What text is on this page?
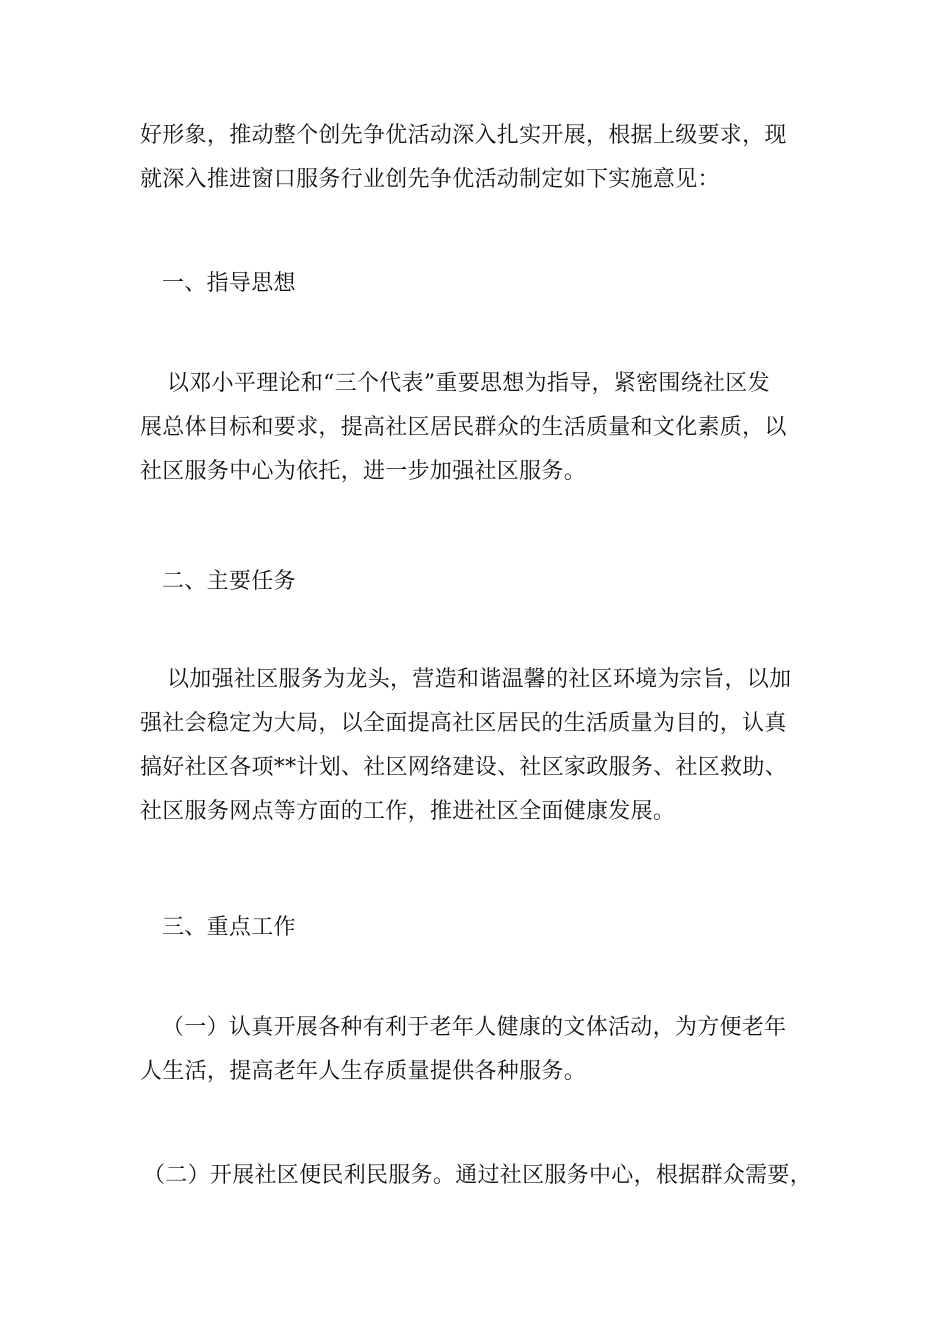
好形象，推动整个创先争优活动深入扎实开展，根据上级要求，现
就深入推进窗口服务行业创先争优活动制定如下实施意见：
一、指导思想
以邓小平理论和“三个代表”重要思想为指导，紧密围绕社区发
展总体目标和要求，提高社区居民群众的生活质量和文化素质，以
社区服务中心为依托，进一步加强社区服务。
二、主要任务
以加强社区服务为龙头，营造和谐温馨的社区环境为宗旨，以加
强社会稳定为大局，以全面提高社区居民的生活质量为目的，认真
搞好社区各项**计划、社区网络建设、社区家政服务、社区救助、
社区服务网点等方面的工作，推进社区全面健康发展。
三、重点工作
（一）认真开展各种有利于老年人健康的文体活动，为方便老年
人生活，提高老年人生存质量提供各种服务。
（二）开展社区便民利民服务。通过社区服务中心，根据群众需要，
